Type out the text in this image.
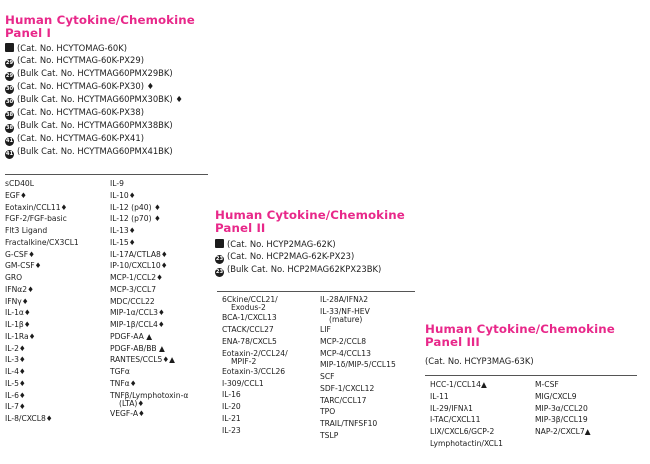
Human Cytokine/Chemokine
Panel I
(Cat. No. HCYTOMAG-60K)
29 (Cat. No. HCYTMAG-60K-PX29)
29 (Bulk Cat. No. HCYTMAG60PMX29BK)
30 (Cat. No. HCYTMAG-60K-PX30) ♦
30 (Bulk Cat. No. HCYTMAG60PMX30BK) ♦
38 (Cat. No. HCYTMAG-60K-PX38)
38 (Bulk Cat. No. HCYTMAG60PMX38BK)
41 (Cat. No. HCYTMAG-60K-PX41)
41 (Bulk Cat. No. HCYTMAG60PMX41BK)
sCD40L
EGF♦
Eotaxin/CCL11♦
FGF-2/FGF-basic
Flt3 Ligand
Fractalkine/CX3CL1
G-CSF♦
GM-CSF♦
GRO
IFNα2♦
IFNγ♦
IL-1α♦
IL-1β♦
IL-1Ra♦
IL-2♦
IL-3♦
IL-4♦
IL-5♦
IL-6♦
IL-7♦
IL-8/CXCL8♦
IL-9
IL-10♦
IL-12 (p40) ♦
IL-12 (p70) ♦
IL-13♦
IL-15♦
IL-17A/CTLA8♦
IP-10/CXCL10♦
MCP-1/CCL2♦
MCP-3/CCL7
MDC/CCL22
MIP-1α/CCL3♦
MIP-1β/CCL4♦
PDGF-AA ▲
PDGF-AB/BB ▲
RANTES/CCL5♦▲
TGFα
TNFα♦
TNFβ/Lymphotoxin-α
(LTA)♦
VEGF-A♦
Human Cytokine/Chemokine
Panel II
(Cat. No. HCYP2MAG-62K)
23 (Cat. No. HCP2MAG-62K-PX23)
23 (Bulk Cat. No. HCP2MAG62KPX23BK)
6Ckine/CCL21/
Exodus-2
BCA-1/CXCL13
CTACK/CCL27
ENA-78/CXCL5
Eotaxin-2/CCL24/
MPIF-2
Eotaxin-3/CCL26
I-309/CCL1
IL-16
IL-20
IL-21
IL-23
IL-28A/IFNλ2
IL-33/NF-HEV
(mature)
LIF
MCP-2/CCL8
MCP-4/CCL13
MIP-1δ/MIP-5/CCL15
SCF
SDF-1/CXCL12
TARC/CCL17
TPO
TRAIL/TNFSF10
TSLP
Human Cytokine/Chemokine
Panel III
(Cat. No. HCYP3MAG-63K)
HCC-1/CCL14▲
IL-11
IL-29/IFNλ1
I-TAC/CXCL11
LIX/CXCL6/GCP-2
Lymphotactin/XCL1
M-CSF
MIG/CXCL9
MIP-3α/CCL20
MIP-3β/CCL19
NAP-2/CXCL7▲
